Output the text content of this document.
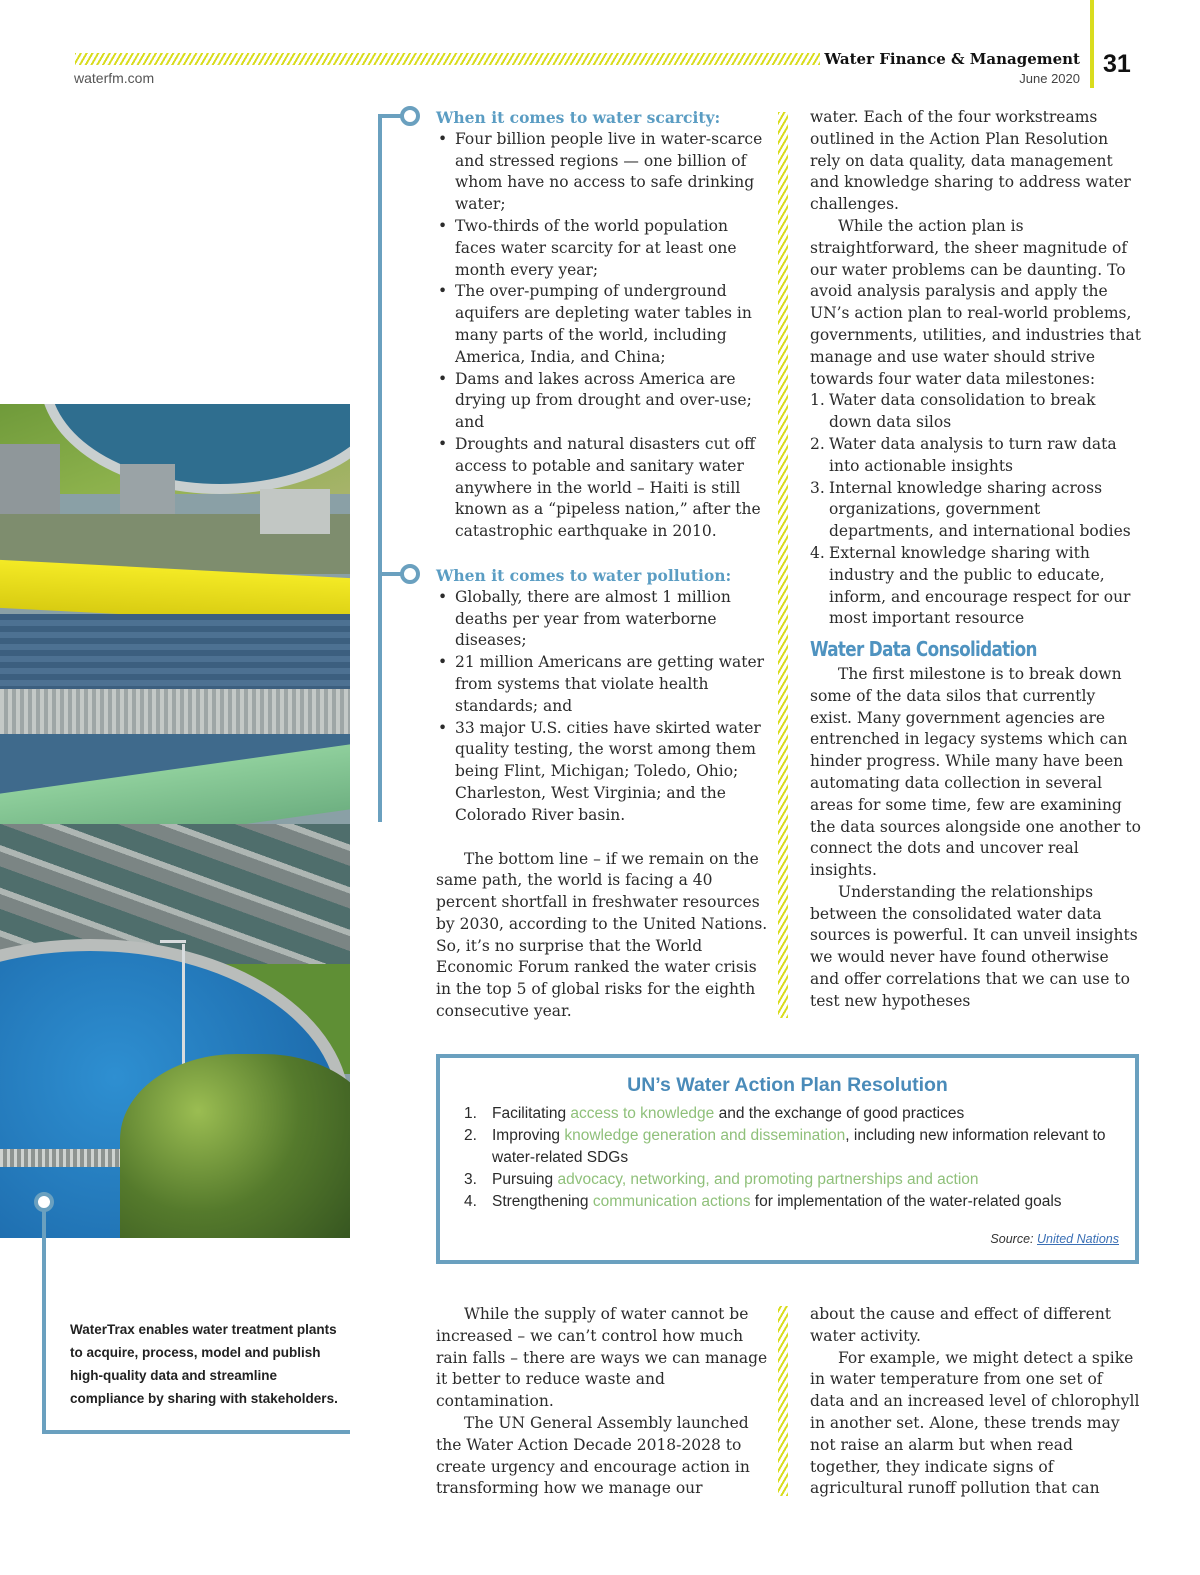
waterfm.com
Water Finance & Management
June 2020
31
When it comes to water scarcity:
• Four billion people live in water-scarce and stressed regions — one billion of whom have no access to safe drinking water;
• Two-thirds of the world population faces water scarcity for at least one month every year;
• The over-pumping of underground aquifers are depleting water tables in many parts of the world, including America, India, and China;
• Dams and lakes across America are drying up from drought and over-use; and
• Droughts and natural disasters cut off access to potable and sanitary water anywhere in the world – Haiti is still known as a “pipeless nation,” after the catastrophic earthquake in 2010.
When it comes to water pollution:
• Globally, there are almost 1 million deaths per year from waterborne diseases;
• 21 million Americans are getting water from systems that violate health standards; and
• 33 major U.S. cities have skirted water quality testing, the worst among them being Flint, Michigan; Toledo, Ohio; Charleston, West Virginia; and the Colorado River basin.

The bottom line – if we remain on the same path, the world is facing a 40 percent shortfall in freshwater resources by 2030, according to the United Nations. So, it’s no surprise that the World Economic Forum ranked the water crisis in the top 5 of global risks for the eighth consecutive year.

water. Each of the four workstreams outlined in the Action Plan Resolution rely on data quality, data management and knowledge sharing to address water challenges.

While the action plan is straightforward, the sheer magnitude of our water problems can be daunting. To avoid analysis paralysis and apply the UN’s action plan to real-world problems, governments, utilities, and industries that manage and use water should strive towards four water data milestones:

1. Water data consolidation to break down data silos
2. Water data analysis to turn raw data into actionable insights
3. Internal knowledge sharing across organizations, government departments, and international bodies
4. External knowledge sharing with industry and the public to educate, inform, and encourage respect for our most important resource
Water Data Consolidation

The first milestone is to break down some of the data silos that currently exist. Many government agencies are entrenched in legacy systems which can hinder progress. While many have been automating data collection in several areas for some time, few are examining the data sources alongside one another to connect the dots and uncover real insights.

Understanding the relationships between the consolidated water data sources is powerful. It can unveil insights we would never have found otherwise and offer correlations that we can use to test new hypotheses

UN’s Water Action Plan Resolution
1. Facilitating access to knowledge and the exchange of good practices
2. Improving knowledge generation and dissemination, including new information relevant to water-related SDGs
3. Pursuing advocacy, networking, and promoting partnerships and action
4. Strengthening communication actions for implementation of the water-related goals
Source: United Nations
WaterTrax enables water treatment plants to acquire, process, model and publish high-quality data and streamline compliance by sharing with stakeholders.

While the supply of water cannot be increased – we can’t control how much rain falls – there are ways we can manage it better to reduce waste and contamination.

The UN General Assembly launched the Water Action Decade 2018-2028 to create urgency and encourage action in transforming how we manage our

about the cause and effect of different water activity.

For example, we might detect a spike in water temperature from one set of data and an increased level of chlorophyll in another set. Alone, these trends may not raise an alarm but when read together, they indicate signs of agricultural runoff pollution that can
